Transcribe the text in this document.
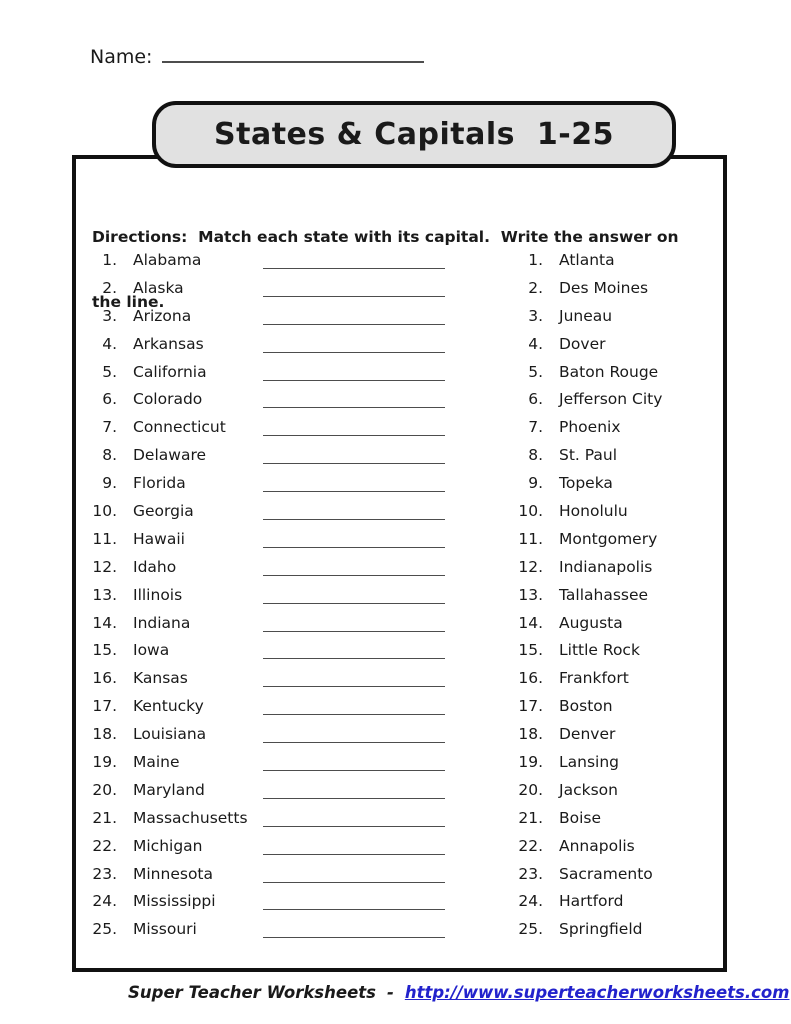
Name:
States & Capitals  1-25

Directions:  Match each state with its capital.  Write the answer on

the line.

1. Alabama
2. Alaska
3. Arizona
4. Arkansas
5. California
6. Colorado
7. Connecticut
8. Delaware
9. Florida
10. Georgia
11. Hawaii
12. Idaho
13. Illinois
14. Indiana
15. Iowa
16. Kansas
17. Kentucky
18. Louisiana
19. Maine
20. Maryland
21. Massachusetts
22. Michigan
23. Minnesota
24. Mississippi
25. Missouri
1. Atlanta
2. Des Moines
3. Juneau
4. Dover
5. Baton Rouge
6. Jefferson City
7. Phoenix
8. St. Paul
9. Topeka
10. Honolulu
11. Montgomery
12. Indianapolis
13. Tallahassee
14. Augusta
15. Little Rock
16. Frankfort
17. Boston
18. Denver
19. Lansing
20. Jackson
21. Boise
22. Annapolis
23. Sacramento
24. Hartford
25. Springfield
Super Teacher Worksheets - http://www.superteacherworksheets.com
